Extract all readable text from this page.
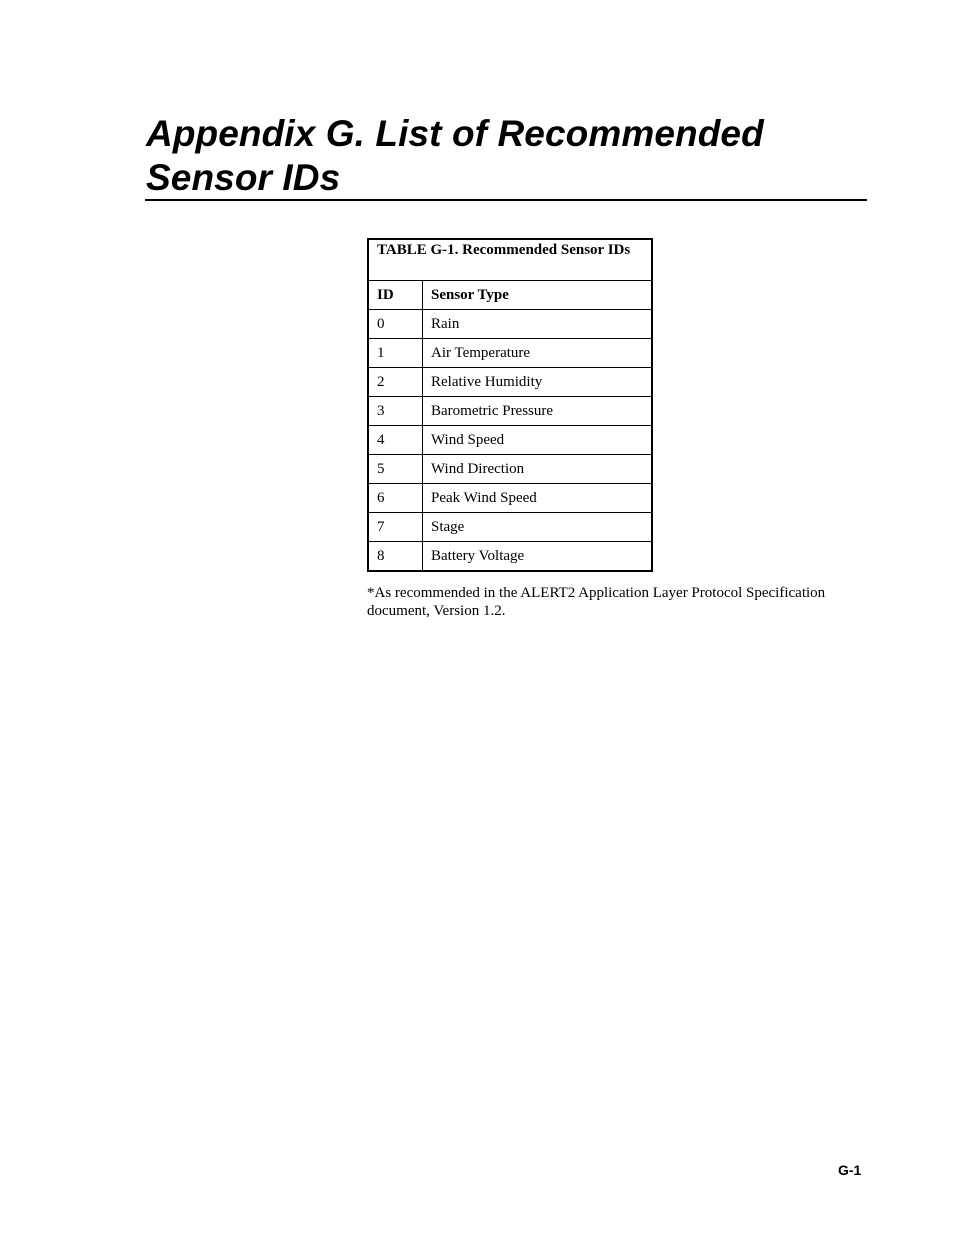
Appendix G. List of Recommended
Sensor IDs
TABLE G-1. Recommended Sensor IDs	
ID	Sensor Type
0	Rain
1	Air Temperature
2	Relative Humidity
3	Barometric Pressure
4	Wind Speed
5	Wind Direction
6	Peak Wind Speed
7	Stage
8	Battery Voltage

*As recommended in the ALERT2 Application Layer Protocol Specification document, Version 1.2.

G-1
